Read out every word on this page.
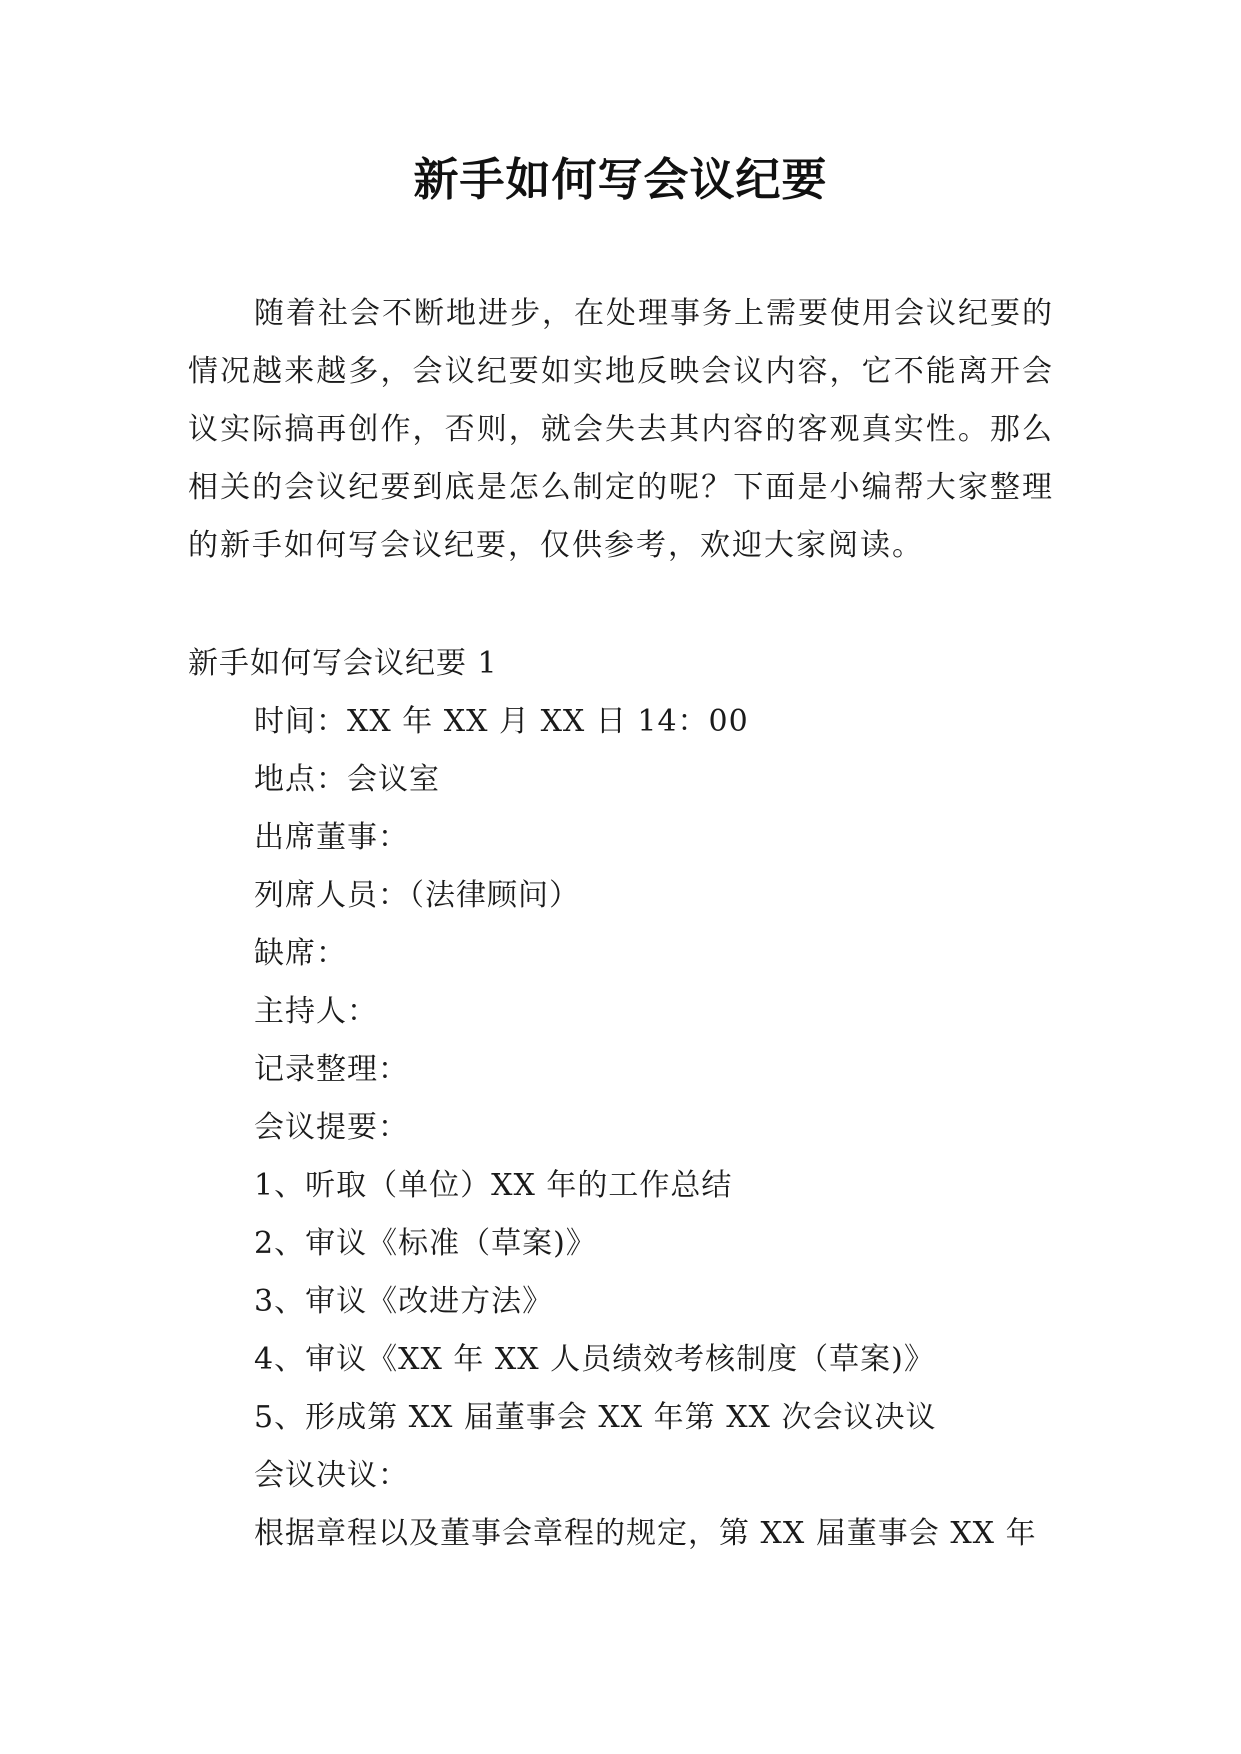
新手如何写会议纪要
随着社会不断地进步，在处理事务上需要使用会议纪要的情况越来越多，会议纪要如实地反映会议内容，它不能离开会议实际搞再创作，否则，就会失去其内容的客观真实性。那么相关的会议纪要到底是怎么制定的呢？下面是小编帮大家整理的新手如何写会议纪要，仅供参考，欢迎大家阅读。
新手如何写会议纪要 1
时间：XX 年 XX 月 XX 日 14：00
地点：会议室
出席董事：
列席人员：（法律顾问）
缺席：
主持人：
记录整理：
会议提要：
1、听取（单位）XX 年的工作总结
2、审议《标准（草案)》
3、审议《改进方法》
4、审议《XX 年 XX 人员绩效考核制度（草案)》
5、形成第 XX 届董事会 XX 年第 XX 次会议决议
会议决议：
根据章程以及董事会章程的规定，第 XX 届董事会 XX 年
